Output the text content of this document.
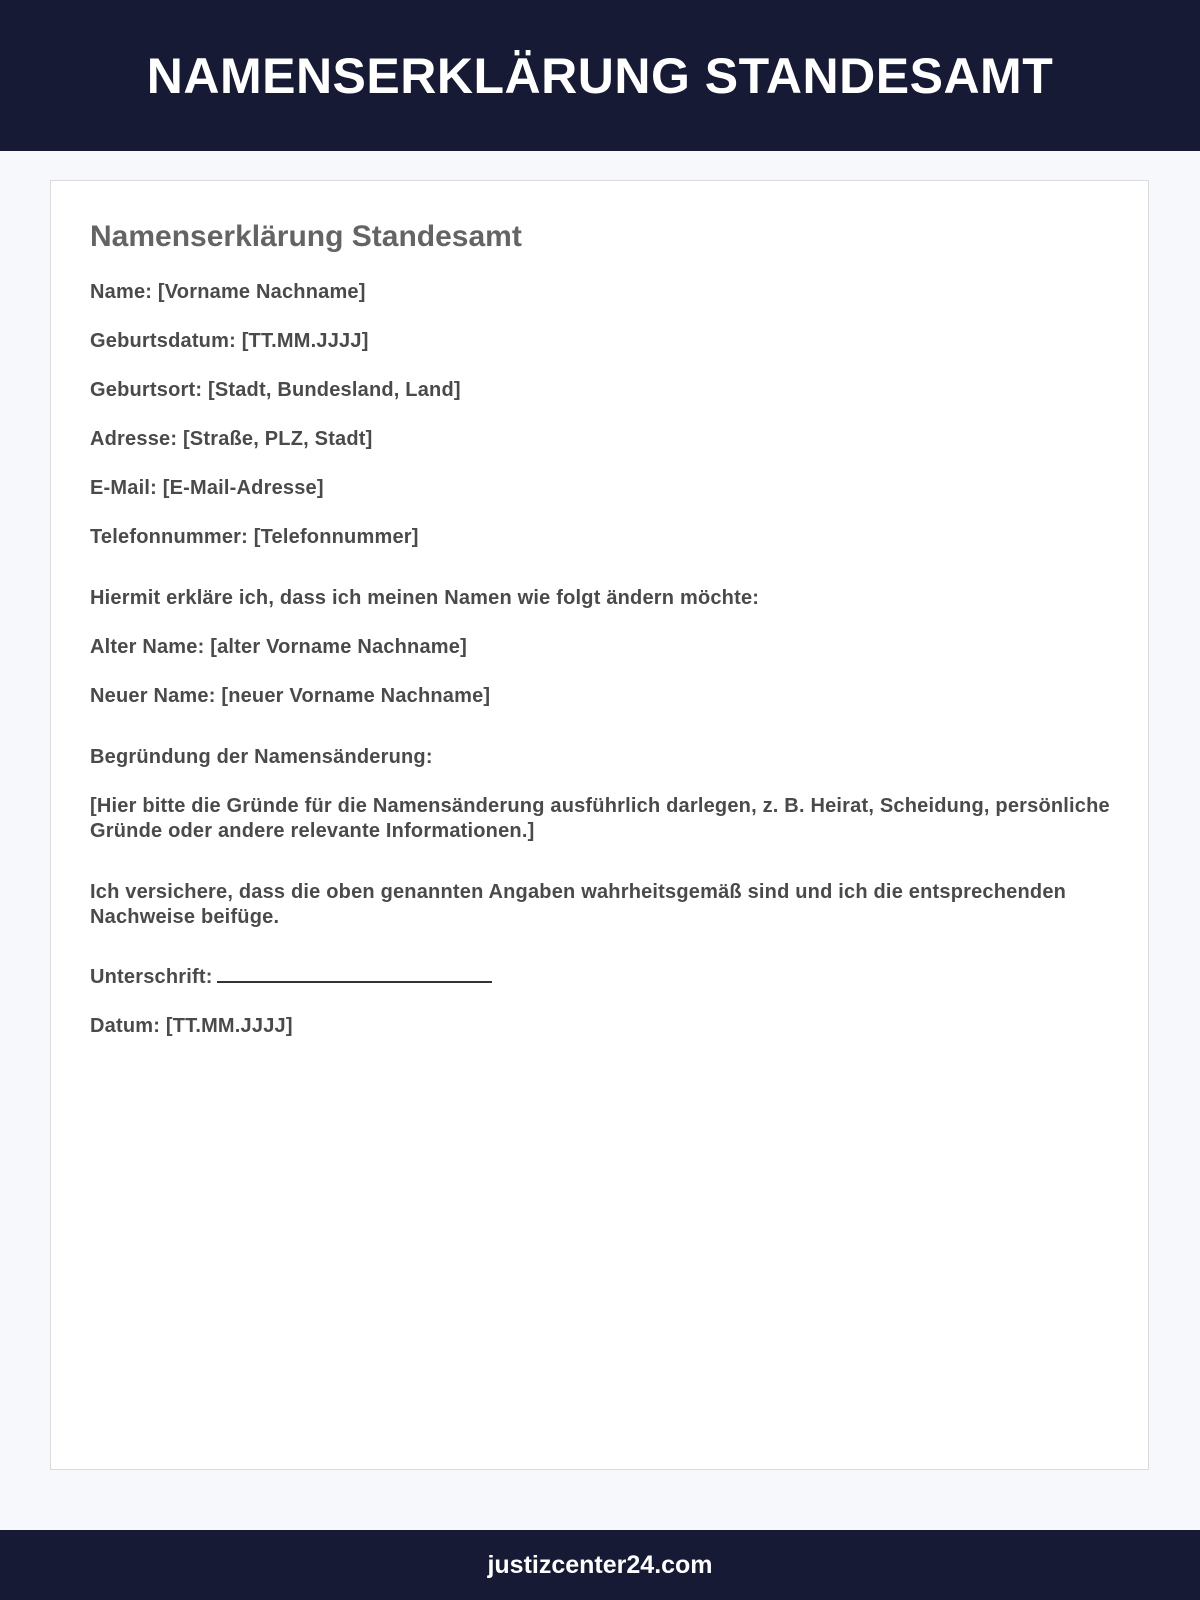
NAMENSERKLÄRUNG STANDESAMT
Namenserklärung Standesamt

Name: [Vorname Nachname]

Geburtsdatum: [TT.MM.JJJJ]

Geburtsort: [Stadt, Bundesland, Land]

Adresse: [Straße, PLZ, Stadt]

E-Mail: [E-Mail-Adresse]

Telefonnummer: [Telefonnummer]

Hiermit erkläre ich, dass ich meinen Namen wie folgt ändern möchte:

Alter Name: [alter Vorname Nachname]

Neuer Name: [neuer Vorname Nachname]

Begründung der Namensänderung:

[Hier bitte die Gründe für die Namensänderung ausführlich darlegen, z. B. Heirat, Scheidung, persönliche Gründe oder andere relevante Informationen.]

Ich versichere, dass die oben genannten Angaben wahrheitsgemäß sind und ich die entsprechenden Nachweise beifüge.

Unterschrift:

Datum: [TT.MM.JJJJ]

justizcenter24.com
